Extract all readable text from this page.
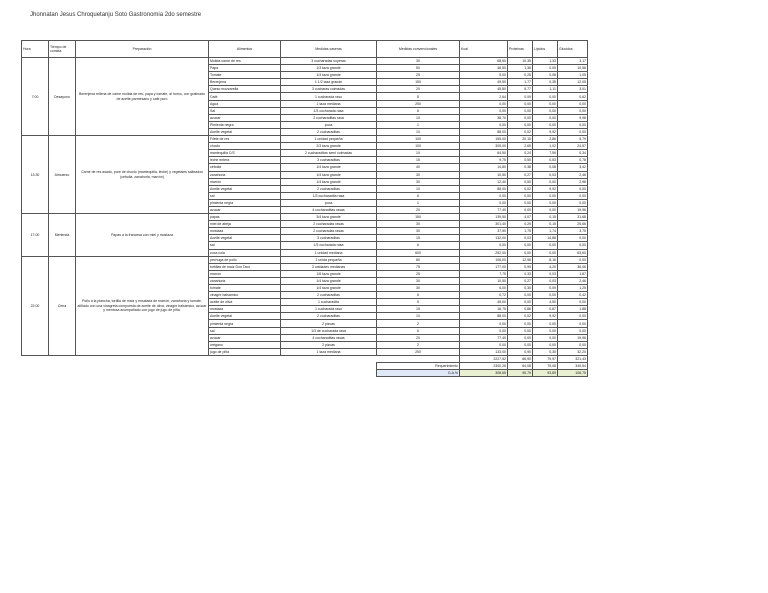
Jhonnatan Jesus Chroquetanju Soto Gastronomia 2do semestre
Hora	Tiempo de comida	Preparación	Alimentos	Medidas caseras	Medidas convencionales	Kcal	Proteinas	Lipidos	Glucidos
7:00	Desayuno	Berenjena rellena de carne molida de res, papa y tomate, al horno, con gratinado de aceite parmesano y café puro	Molida carne de res	3 cucharadas soperas	30	68,50	10,35	1,33	3,17
			Papa	1/3 taza grande	50	46,50	1,36	0,05	10,56
			Tomate	1/4 taza grande	25	5,00	0,25	0,08	1,05
			Berenjena	1 1/2 taza grande	150	49,50	1,77	0,35	12,05
			Queso mozzarella	3 cucharas colmadas	20	45,80	5,77	1,11	3,01
			Café	1 cucharada raso	8	2,64	0,09	0,00	0,62
			Agua	1 taza mediana	250	0,00	0,00	0,00	0,00
			Sal	1/3 cucharada rasa	6	0,00	0,00	0,00	0,00
			azucar	2 cucharaditas rasa	10	38,70	0,00	0,00	9,98
			Pimienta negra	poca	1	0,00	0,00	0,00	0,00
			Aceite vegetal	2 cucharaditas	10	88,00	0,02	9,92	0,00
13:30	Almuerzo	Carne de res asado, pure de choclo (mantequilla, leche) y vegetales salteados (cebolla, zanahoria, marrón)	Filete de res	1 unidad pequeña	100	155,00	20,10	2,86	5,79
			choclo	2/3 taza grande	100	305,00	2,65	1,02	24,57
			mantequilla C/S	2 cucharaditas semi colmadas	10	64,50	0,24	7,59	0,34
			leche entera	3 cucharaditas	15	9,75	0,50	0,53	0,78
			cebolla	1/4 taza grande	40	14,80	0,38	0,08	3,42
			zanahoria	1/4 taza grande	30	10,50	0,27	0,03	2,46
			marrón	1/4 taza grande	30	12,40	0,50	0,00	2,98
			Aceite vegetal	2 cucharaditas	10	88,00	0,02	9,92	0,00
			sal	1/3 cucharadita rasa	6	0,00	0,00	0,00	0,00
			pimienta negra	poca	1	0,00	0,00	0,00	0,00
			azucar	4 cucharaditas rasas	20	77,40	0,00	0,00	19,96
17:00	Merienda	Papas a la francesa con miel y mostaza	papas	3/4 taza grande	150	139,50	4,07	0,15	31,68
			miel de abeja	2 cucharadas rasas	30	301,40	0,29	0,15	25,66
			mostaza	2 cucharadas rasas	30	37,50	1,75	1,74	3,75
			Aceite vegetal	3 cucharaditas	15	132,00	0,03	14,88	0,00
			sal	1/3 cucharada rasa	6	0,00	0,00	0,00	0,00
			coca cola	1 unidad mediana	600	252,00	0,00	0,00	63,60
22:00	Cena	Pollo a la plancha, tortilla de maíz y ensalada de marrón, zanahoria y tomate, aliñado con una vinagreta compuesta de aceite de oliva, vinagre balsámico, azúcar y mentosa acompañado con jugo de jugo de piña.	pechuga de pollo	1 unida pequeña	80	106,00	12,96	8,16	0,00
			tortillas de maíz Don Taco	3 unidades medianas	75	177,00	0,99	4,20	36,06
			marrón	1/6 taza grande	25	7,75	0,33	0,03	1,87
			zanahoria	1/4 taza grande	30	10,50	0,27	0,03	2,46
			tomate	1/4 taza grande	30	6,00	0,30	0,09	1,25
			vinagre balsámico	2 cucharaditas	6	0,72	0,00	0,00	0,42
			aceite de oliva	1 cucharadita	5	45,00	0,00	4,50	0,00
			mostaza	1 cucharada raso	15	18,75	0,86	0,87	1,88
			Aceite vegetal	2 cucharaditas	10	88,00	0,02	9,92	0,00
			pimienta negra	2 pizcas	2	0,00	0,00	0,00	0,00
			sal	1/3 de cucharada rasa	6	0,00	0,00	0,00	0,00
			azucar	4 cucharaditas rasas	20	77,40	0,00	0,00	19,96
			orégano	2 pizcas	2	0,00	0,00	0,00	0,00
			jugo de piña	1 taza mediana	250	133,00	0,90	0,30	32,20
						2227,52	66,90	79,97	321,43
					Requerimiento	2300,25	64,08	75,08	349,54
					G.A.%	308,65	95,79	93,89	108,75
